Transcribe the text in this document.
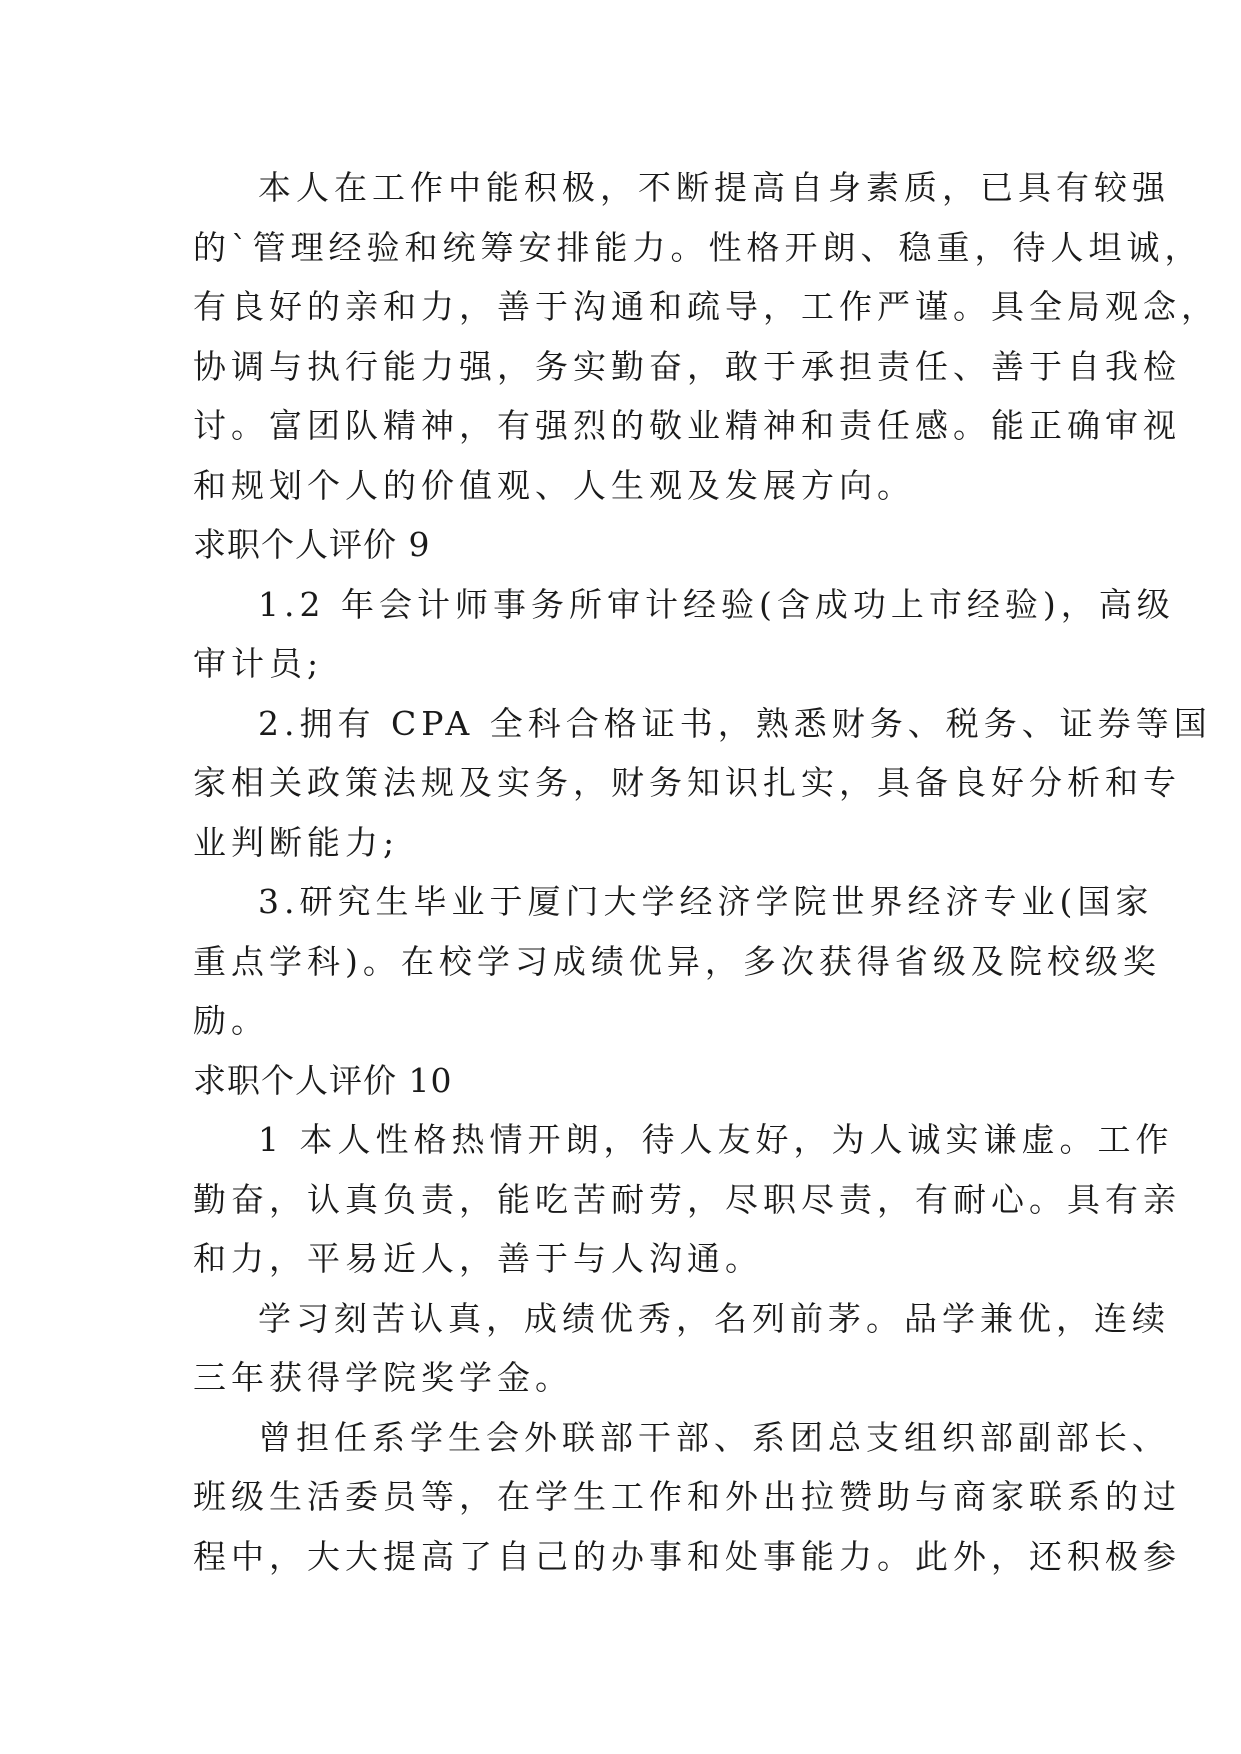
本人在工作中能积极，不断提高自身素质，已具有较强
的`管理经验和统筹安排能力。性格开朗、稳重，待人坦诚，
有良好的亲和力，善于沟通和疏导，工作严谨。具全局观念，
协调与执行能力强，务实勤奋，敢于承担责任、善于自我检
讨。富团队精神，有强烈的敬业精神和责任感。能正确审视
和规划个人的价值观、人生观及发展方向。
求职个人评价 9
1.2 年会计师事务所审计经验(含成功上市经验)，高级
审计员;
2.拥有 CPA 全科合格证书，熟悉财务、税务、证券等国
家相关政策法规及实务，财务知识扎实，具备良好分析和专
业判断能力;
3.研究生毕业于厦门大学经济学院世界经济专业(国家
重点学科)。在校学习成绩优异，多次获得省级及院校级奖
励。
求职个人评价 10
1 本人性格热情开朗，待人友好，为人诚实谦虚。工作
勤奋，认真负责，能吃苦耐劳，尽职尽责，有耐心。具有亲
和力，平易近人，善于与人沟通。
学习刻苦认真，成绩优秀，名列前茅。品学兼优，连续
三年获得学院奖学金。
曾担任系学生会外联部干部、系团总支组织部副部长、
班级生活委员等，在学生工作和外出拉赞助与商家联系的过
程中，大大提高了自己的办事和处事能力。此外，还积极参
